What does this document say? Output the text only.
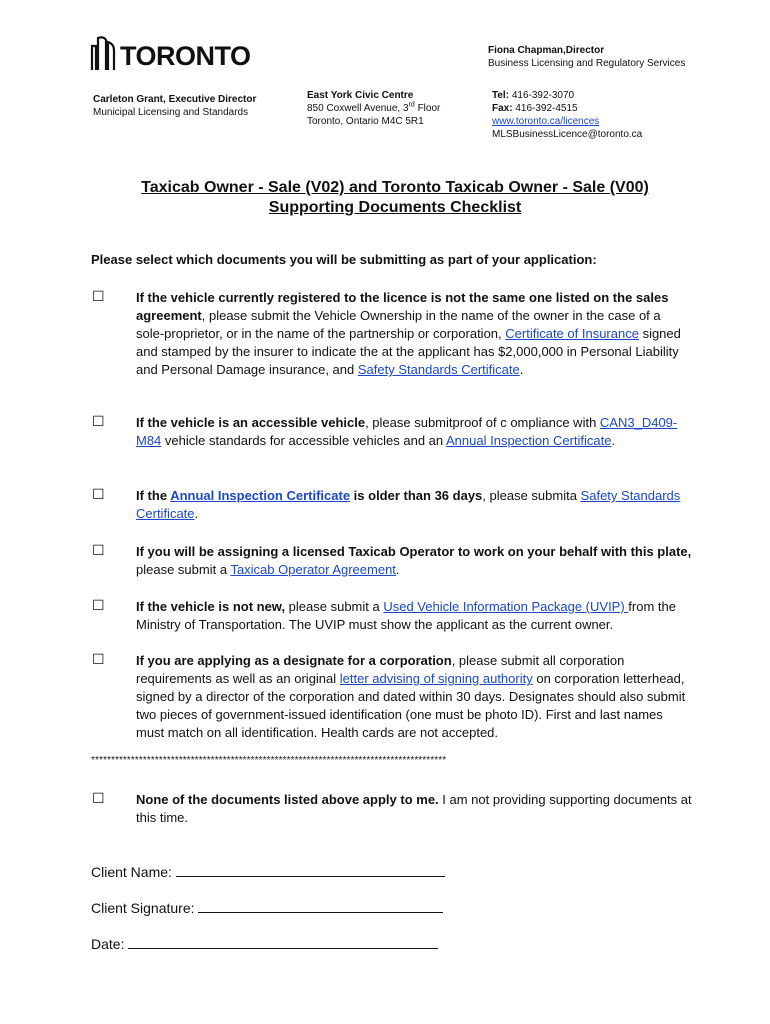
TORONTO	Fiona Chapman,Director
Business Licensing and Regulatory Services
Carleton Grant, Executive Director
Municipal Licensing and Standards
East York Civic Centre
850 Coxwell Avenue, 3rd Floor
Toronto, Ontario M4C 5R1
Tel: 416-392-3070
Fax: 416-392-4515
www.toronto.ca/licences
MLSBusinessLicence@toronto.ca
Taxicab Owner - Sale (V02) and Toronto Taxicab Owner - Sale (V00)
Supporting Documents Checklist
Please select which documents you will be submitting as part of your application:
☐ If the vehicle currently registered to the licence is not the same one listed on the sales agreement, please submit the Vehicle Ownership in the name of the owner in the case of a sole-proprietor, or in the name of the partnership or corporation, Certificate of Insurance signed and stamped by the insurer to indicate the at the applicant has $2,000,000 in Personal Liability and Personal Damage insurance, and Safety Standards Certificate.
☐ If the vehicle is an accessible vehicle, please submitproof of c ompliance with CAN3_D409-M84 vehicle standards for accessible vehicles and an Annual Inspection Certificate.
☐ If the Annual Inspection Certificate is older than 36 days, please submita Safety Standards Certificate.
☐ If you will be assigning a licensed Taxicab Operator to work on your behalf with this plate, please submit a Taxicab Operator Agreement.
☐ If the vehicle is not new, please submit a Used Vehicle Information Package (UVIP) from the Ministry of Transportation. The UVIP must show the applicant as the current owner.
☐ If you are applying as a designate for a corporation, please submit all corporation requirements as well as an original letter advising of signing authority on corporation letterhead, signed by a director of the corporation and dated within 30 days. Designates should also submit two pieces of government-issued identification (one must be photo ID). First and last names must match on all identification. Health cards are not accepted.
*****************************************************************************************
☐ None of the documents listed above apply to me. I am not providing supporting documents at this time.
Client Name:
Client Signature:
Date:
